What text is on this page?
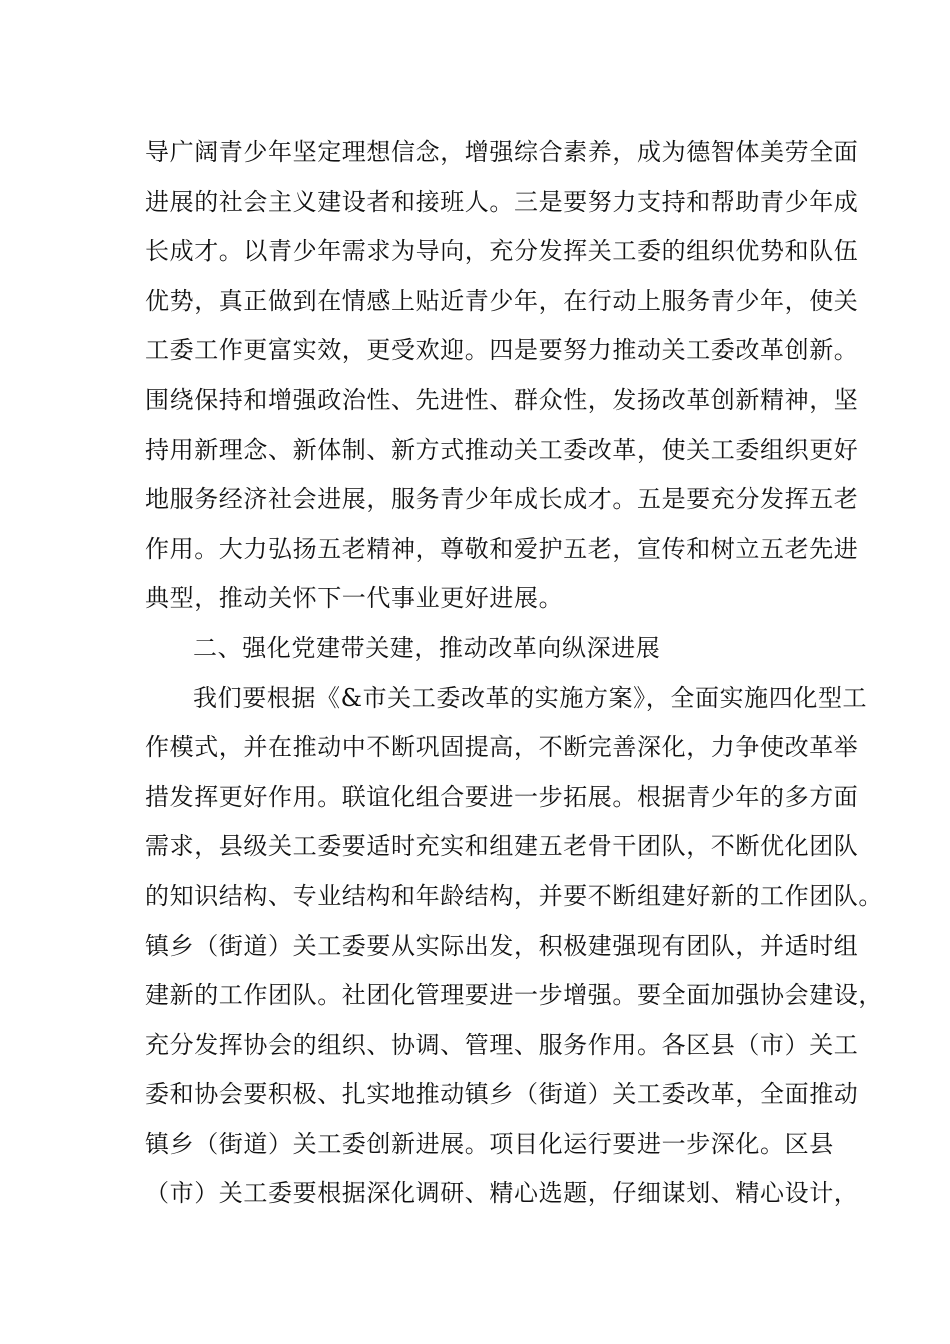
导广阔青少年坚定理想信念，增强综合素养，成为德智体美劳全面
进展的社会主义建设者和接班人。三是要努力支持和帮助青少年成
长成才。以青少年需求为导向，充分发挥关工委的组织优势和队伍
优势，真正做到在情感上贴近青少年，在行动上服务青少年，使关
工委工作更富实效，更受欢迎。四是要努力推动关工委改革创新。
围绕保持和增强政治性、先进性、群众性，发扬改革创新精神，坚
持用新理念、新体制、新方式推动关工委改革，使关工委组织更好
地服务经济社会进展，服务青少年成长成才。五是要充分发挥五老
作用。大力弘扬五老精神，尊敬和爱护五老，宣传和树立五老先进
典型，推动关怀下一代事业更好进展。
二、强化党建带关建，推动改革向纵深进展
我们要根据《&市关工委改革的实施方案》，全面实施四化型工
作模式，并在推动中不断巩固提高，不断完善深化，力争使改革举
措发挥更好作用。联谊化组合要进一步拓展。根据青少年的多方面
需求，县级关工委要适时充实和组建五老骨干团队，不断优化团队
的知识结构、专业结构和年龄结构，并要不断组建好新的工作团队。
镇乡（街道）关工委要从实际出发，积极建强现有团队，并适时组
建新的工作团队。社团化管理要进一步增强。要全面加强协会建设，
充分发挥协会的组织、协调、管理、服务作用。各区县（市）关工
委和协会要积极、扎实地推动镇乡（街道）关工委改革，全面推动
镇乡（街道）关工委创新进展。项目化运行要进一步深化。区县
（市）关工委要根据深化调研、精心选题，仔细谋划、精心设计，
